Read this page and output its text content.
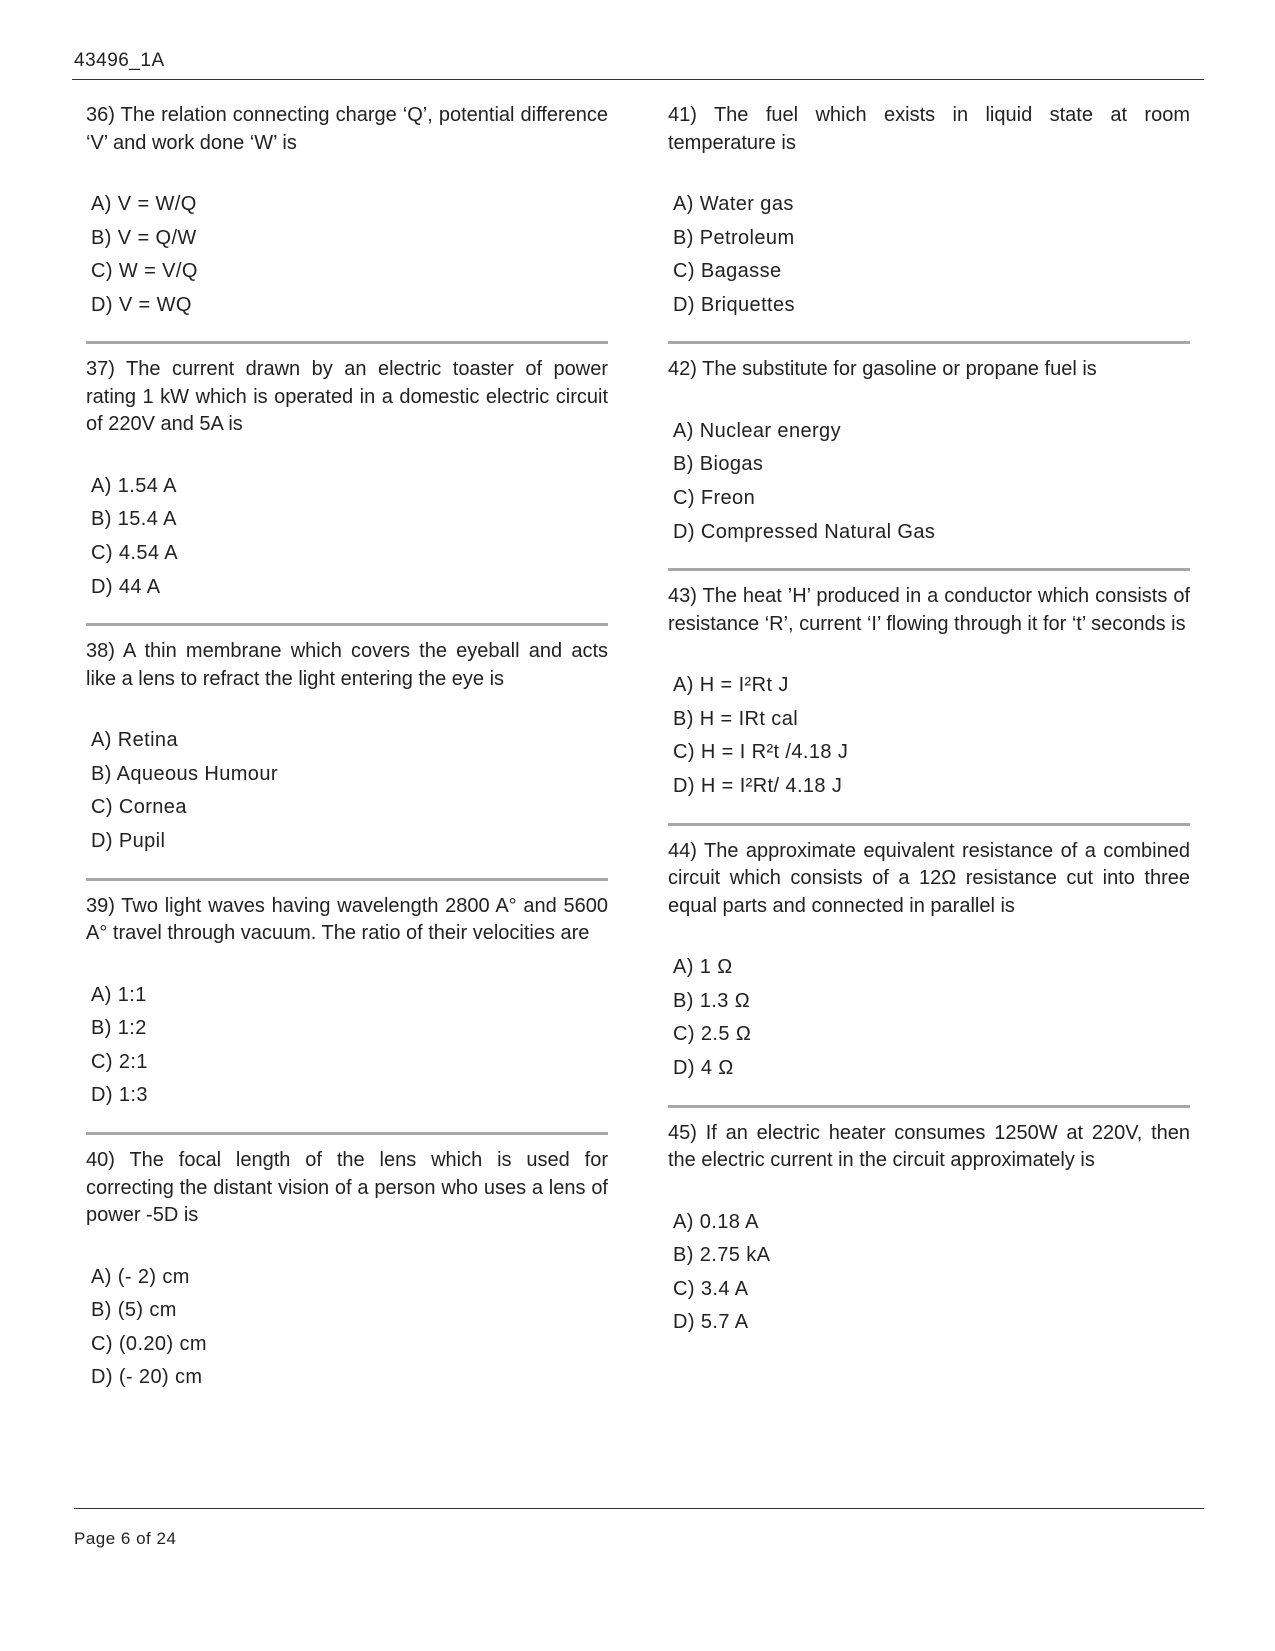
43496_1A

36) The relation connecting charge ‘Q’, potential difference ‘V’ and work done ‘W’ is

A) V = W/Q
B) V = Q/W
C) W = V/Q
D) V = WQ

37) The current drawn by an electric toaster of power rating 1 kW which is operated in a domestic electric circuit of 220V and 5A is

A) 1.54 A
B) 15.4 A
C) 4.54 A
D) 44 A

38) A thin membrane which covers the eyeball and acts like a lens to refract the light entering the eye is

A) Retina
B) Aqueous Humour
C) Cornea
D) Pupil

39) Two light waves having wavelength 2800 A° and 5600 A° travel through vacuum. The ratio of their velocities are

A) 1:1
B) 1:2
C) 2:1
D) 1:3

40) The focal length of the lens which is used for correcting the distant vision of a person who uses a lens of power -5D is

A) (- 2) cm
B) (5) cm
C) (0.20) cm
D) (- 20) cm

41) The fuel which exists in liquid state at room temperature is

A) Water gas
B) Petroleum
C) Bagasse
D) Briquettes

42) The substitute for gasoline or propane fuel is

A) Nuclear energy
B) Biogas
C) Freon
D) Compressed Natural Gas

43) The heat ’H’ produced in a conductor which consists of resistance ‘R’, current ‘I’ flowing through it for ‘t’ seconds is

A) H = I²Rt J
B) H = IRt cal
C) H = I R²t /4.18 J
D) H = I²Rt/ 4.18 J

44) The approximate equivalent resistance of a combined circuit which consists of a 12Ω resistance cut into three equal parts and connected in parallel is

A) 1 Ω
B) 1.3 Ω
C) 2.5 Ω
D) 4 Ω

45) If an electric heater consumes 1250W at 220V, then the electric current in the circuit approximately is

A) 0.18 A
B) 2.75 kA
C) 3.4 A
D) 5.7 A
Page 6 of 24
